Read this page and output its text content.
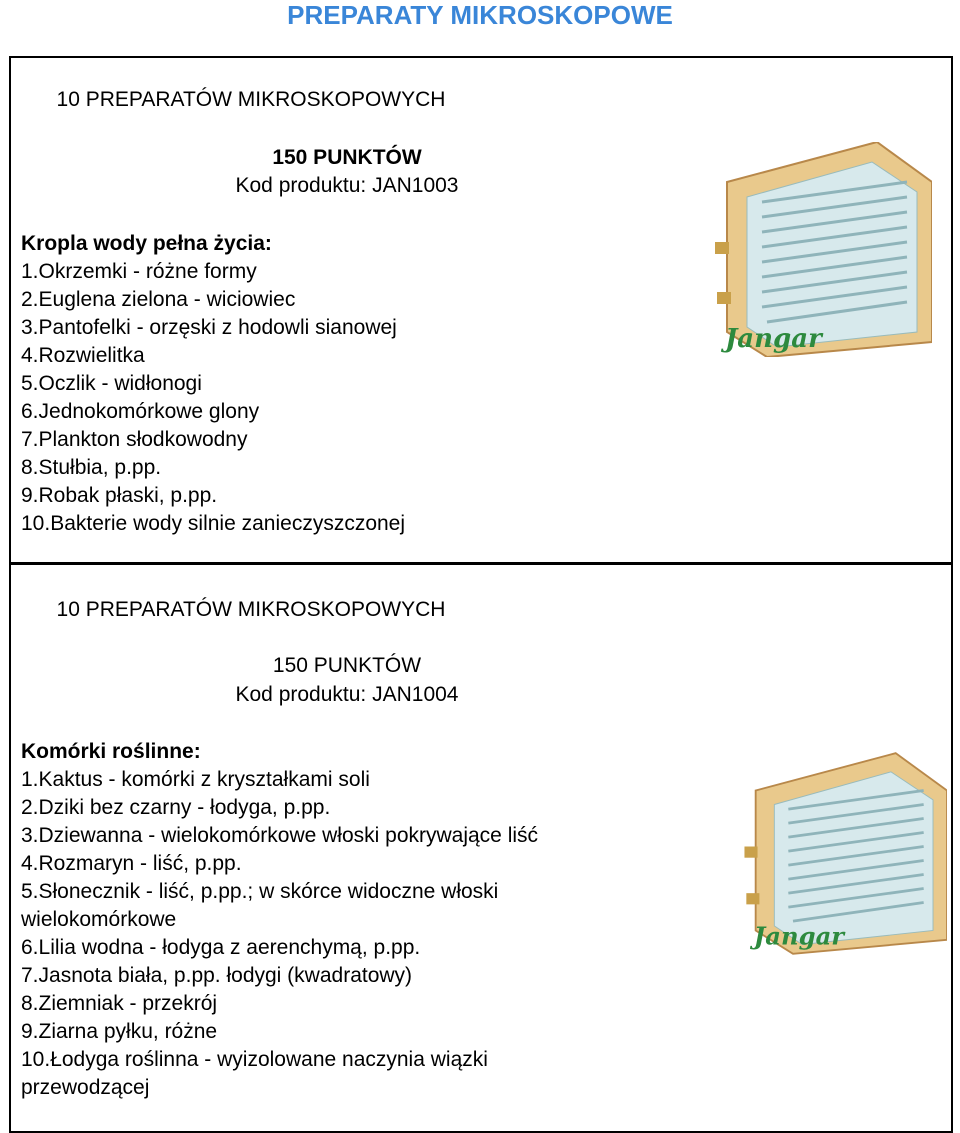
PREPARATY MIKROSKOPOWE
10 PREPARATÓW MIKROSKOPOWYCH
150 PUNKTÓW
Kod produktu: JAN1003
Kropla wody pełna życia:
1.Okrzemki - różne formy
2.Euglena zielona - wiciowiec
3.Pantofelki - orzęski z hodowli sianowej
4.Rozwielitka
5.Oczlik - widłonogi
6.Jednokomórkowe glony
7.Plankton słodkowodny
8.Stułbia, p.pp.
9.Robak płaski, p.pp.
10.Bakterie wody silnie zanieczyszczonej
Jangar
10 PREPARATÓW MIKROSKOPOWYCH
150 PUNKTÓW
Kod produktu: JAN1004
Komórki roślinne:
1.Kaktus - komórki z kryształkami soli
2.Dziki bez czarny - łodyga, p.pp.
3.Dziewanna - wielokomórkowe włoski pokrywające liść
4.Rozmaryn - liść, p.pp.
5.Słonecznik - liść, p.pp.; w skórce widoczne włoski wielokomórkowe
6.Lilia wodna - łodyga z aerenchymą, p.pp.
7.Jasnota biała, p.pp. łodygi (kwadratowy)
8.Ziemniak - przekrój
9.Ziarna pyłku, różne
10.Łodyga roślinna - wyizolowane naczynia wiązki przewodzącej
Jangar
